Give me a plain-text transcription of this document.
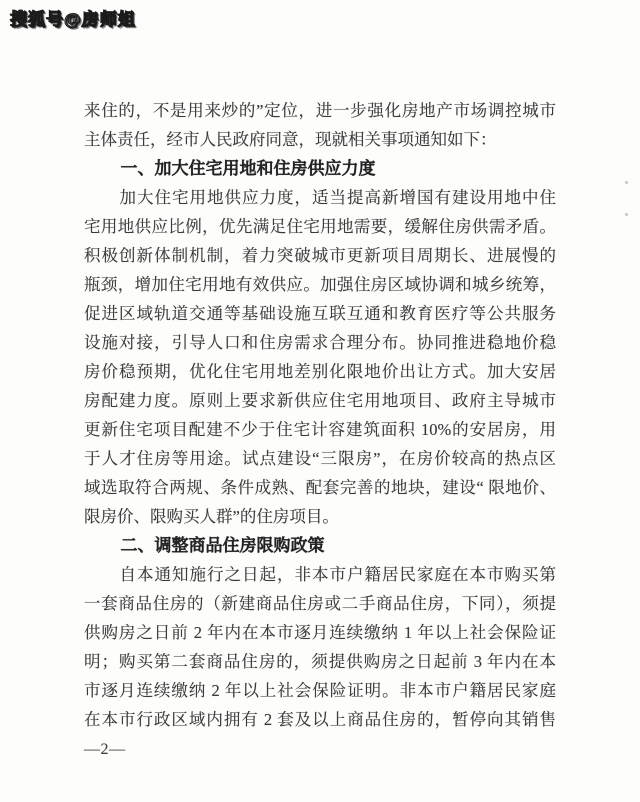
搜狐号@房师姐
来住的，不是用来炒的”定位，进一步强化房地产市场调控城市
主体责任，经市人民政府同意，现就相关事项通知如下：
一、加大住宅用地和住房供应力度
加大住宅用地供应力度，适当提高新增国有建设用地中住
宅用地供应比例，优先满足住宅用地需要，缓解住房供需矛盾。
积极创新体制机制，着力突破城市更新项目周期长、进展慢的
瓶颈，增加住宅用地有效供应。加强住房区域协调和城乡统筹，
促进区域轨道交通等基础设施互联互通和教育医疗等公共服务
设施对接，引导人口和住房需求合理分布。协同推进稳地价稳
房价稳预期，优化住宅用地差别化限地价出让方式。加大安居
房配建力度。原则上要求新供应住宅用地项目、政府主导城市
更新住宅项目配建不少于住宅计容建筑面积 10%的安居房，用
于人才住房等用途。试点建设“三限房”，在房价较高的热点区
域选取符合两规、条件成熟、配套完善的地块，建设“ 限地价、
限房价、限购买人群”的住房项目。
二、调整商品住房限购政策
自本通知施行之日起，非本市户籍居民家庭在本市购买第
一套商品住房的（新建商品住房或二手商品住房，下同），须提
供购房之日前 2 年内在本市逐月连续缴纳 1 年以上社会保险证
明；购买第二套商品住房的，须提供购房之日起前 3 年内在本
市逐月连续缴纳 2 年以上社会保险证明。非本市户籍居民家庭
在本市行政区域内拥有 2 套及以上商品住房的，暂停向其销售
—2—
